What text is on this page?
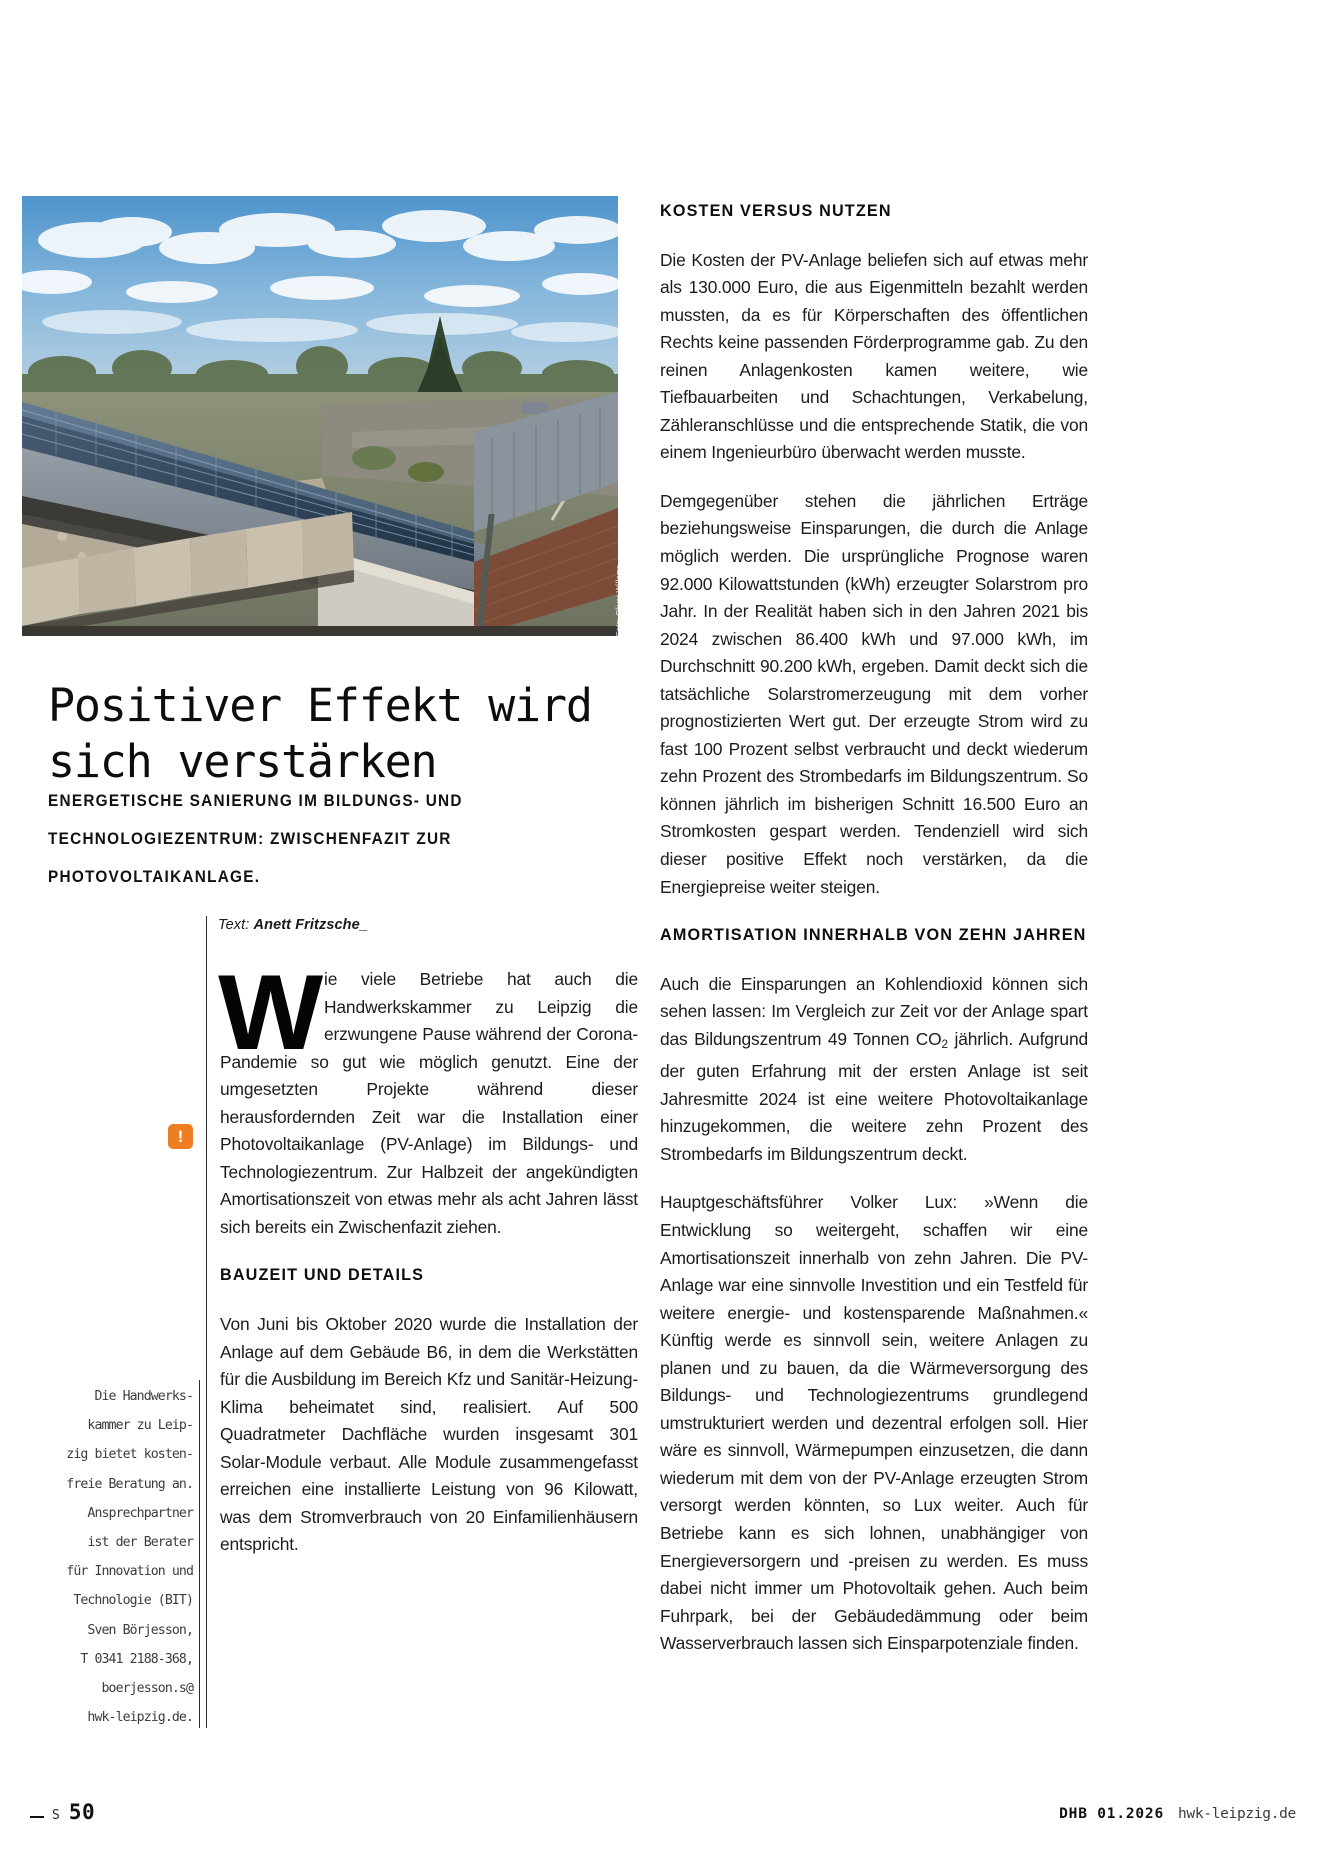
Foto: Oliver Willems
Positiver Effekt wird
sich verstärken
ENERGETISCHE SANIERUNG IM BILDUNGS- UND
TECHNOLOGIEZENTRUM: ZWISCHENFAZIT ZUR
PHOTOVOLTAIKANLAGE.
Text: Anett Fritzsche_
!
Die Handwerks-
kammer zu Leip-
zig bietet kosten-
freie Beratung an.
Ansprechpartner
ist der Berater
für Innovation und
Technologie (BIT)
Sven Börjesson,
T 0341 2188-368,
boerjesson.s@
hwk-leipzig.de.

Wie viele Betriebe hat auch die Handwerkskammer zu Leipzig die erzwungene Pause während der Corona-Pandemie so gut wie möglich genutzt. Eine der umgesetzten Projekte während dieser herausfordernden Zeit war die Installation einer Photovoltaikanlage (PV-Anlage) im Bildungs- und Technologiezentrum. Zur Halbzeit der angekündigten Amortisationszeit von etwas mehr als acht Jahren lässt sich bereits ein Zwischenfazit ziehen.

BAUZEIT UND DETAILS

Von Juni bis Oktober 2020 wurde die Installation der Anlage auf dem Gebäude B6, in dem die Werkstätten für die Ausbildung im Bereich Kfz und Sanitär-Heizung-Klima beheimatet sind, realisiert. Auf 500 Quadratmeter Dachfläche wurden insgesamt 301 Solar-Module verbaut. Alle Module zusammengefasst erreichen eine installierte Leistung von 96 Kilowatt, was dem Stromverbrauch von 20 Einfamilienhäusern entspricht.

KOSTEN VERSUS NUTZEN

Die Kosten der PV-Anlage beliefen sich auf etwas mehr als 130.000 Euro, die aus Eigenmitteln bezahlt werden mussten, da es für Körperschaften des öffentlichen Rechts keine passenden Förderprogramme gab. Zu den reinen Anlagenkosten kamen weitere, wie Tiefbauarbeiten und Schachtungen, Verkabelung, Zähleranschlüsse und die entsprechende Statik, die von einem Ingenieurbüro überwacht werden musste.

Demgegenüber stehen die jährlichen Erträge beziehungsweise Einsparungen, die durch die Anlage möglich werden. Die ursprüngliche Prognose waren 92.000 Kilowattstunden (kWh) erzeugter Solarstrom pro Jahr. In der Realität haben sich in den Jahren 2021 bis 2024 zwischen 86.400 kWh und 97.000 kWh, im Durchschnitt 90.200 kWh, ergeben. Damit deckt sich die tatsächliche Solarstromerzeugung mit dem vorher prognostizierten Wert gut. Der erzeugte Strom wird zu fast 100 Prozent selbst verbraucht und deckt wiederum zehn Prozent des Strombedarfs im Bildungszentrum. So können jährlich im bisherigen Schnitt 16.500 Euro an Stromkosten gespart werden. Tendenziell wird sich dieser positive Effekt noch verstärken, da die Energiepreise weiter steigen.

AMORTISATION INNERHALB VON ZEHN JAHREN

Auch die Einsparungen an Kohlendioxid können sich sehen lassen: Im Vergleich zur Zeit vor der Anlage spart das Bildungszentrum 49 Tonnen $CO_2$ jährlich. Aufgrund der guten Erfahrung mit der ersten Anlage ist seit Jahresmitte 2024 ist eine weitere Photovoltaikanlage hinzugekommen, die weitere zehn Prozent des Strombedarfs im Bildungszentrum deckt.

Hauptgeschäftsführer Volker Lux: »Wenn die Entwicklung so weitergeht, schaffen wir eine Amortisationszeit innerhalb von zehn Jahren. Die PV-Anlage war eine sinnvolle Investition und ein Testfeld für weitere energie- und kostensparende Maßnahmen.« Künftig werde es sinnvoll sein, weitere Anlagen zu planen und zu bauen, da die Wärmeversorgung des Bildungs- und Technologiezentrums grundlegend umstrukturiert werden und dezentral erfolgen soll. Hier wäre es sinnvoll, Wärmepumpen einzusetzen, die dann wiederum mit dem von der PV-Anlage erzeugten Strom versorgt werden könnten, so Lux weiter. Auch für Betriebe kann es sich lohnen, unabhängiger von Energieversorgern und -preisen zu werden. Es muss dabei nicht immer um Photovoltaik gehen. Auch beim Fuhrpark, bei der Gebäudedämmung oder beim Wasserverbrauch lassen sich Einsparpotenziale finden.

S 50	DHB 01.2026 hwk-leipzig.de
